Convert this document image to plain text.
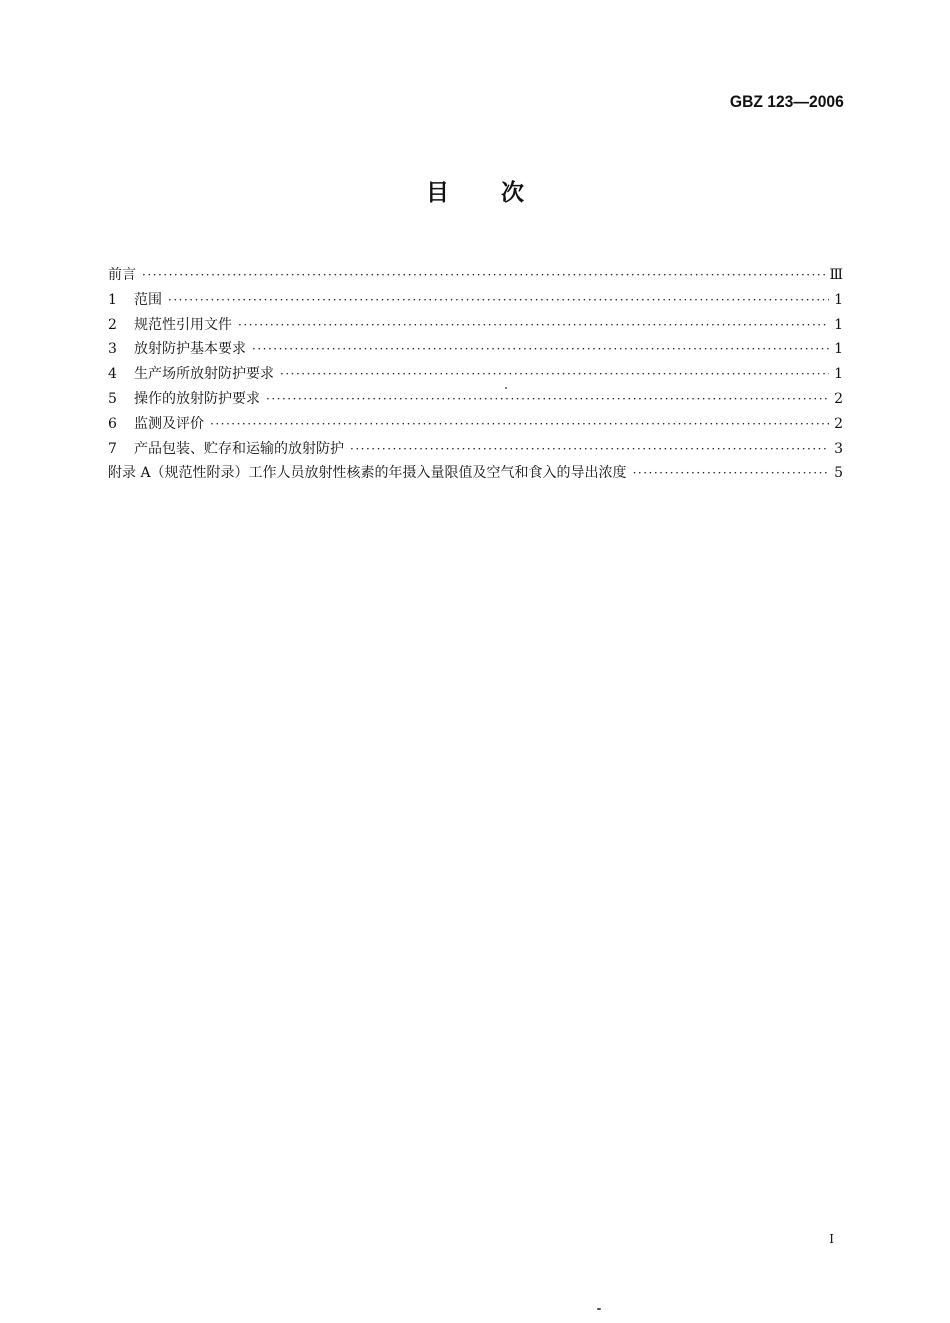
GBZ 123—2006
目 次
前言 ·····	Ⅲ
1	范围 ·····	1
2	规范性引用文件 ·····	1
3	放射防护基本要求 ·····	1
4	生产场所放射防护要求 ·····	1
5	操作的放射防护要求 ·····	2
6	监测及评价 ·····	2
7	产品包装、贮存和运输的放射防护 ·····	3
附录 A（规范性附录）工作人员放射性核素的年摄入量限值及空气和食入的导出浓度 ·····	5
I
